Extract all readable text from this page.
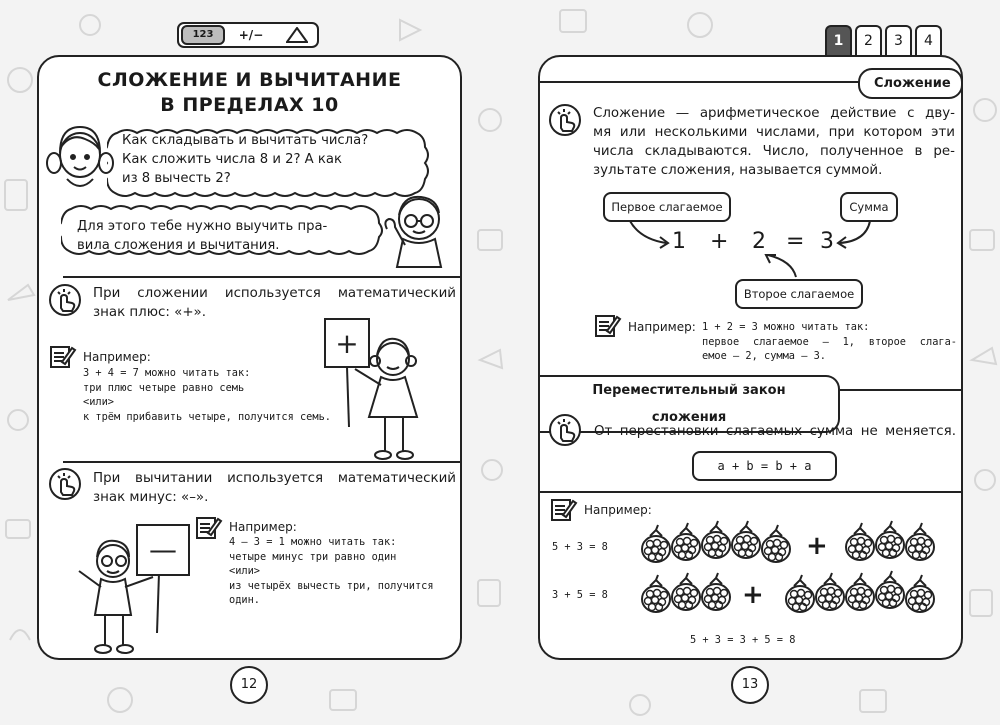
$^{123}$	+/−	1	2	3	4
СЛОЖЕНИЕ И ВЫЧИТАНИЕ
В ПРЕДЕЛАХ 10
Как складывать и вычитать числа?
Как сложить числа 8 и 2? А как
из 8 вычесть 2?
Для этого тебе нужно выучить пра-
вила сложения и вычитания.
При сложении используется математический
знак плюс: «+».
Например:
3 + 4 = 7 можно читать так:
три плюс четыре равно семь
<или>
к трём прибавить четыре, получится семь.
+
При вычитании используется математический
знак минус: «–».
Например:
4 – 3 = 1 можно читать так:
четыре минус три равно один
<или>
из четырёх вычесть три, получится один.
—
12
Сложение
Сложение — арифметическое действие с дву-
мя или несколькими числами, при котором эти
числа складываются. Число, полученное в ре-
зультате сложения, называется суммой.
Первое слагаемое	Сумма
Второе слагаемое
1 + 2 = 3
Например: 1 + 2 = 3 можно читать так:
первое слагаемое — 1, второе слага-
емое — 2, сумма — 3.
Переместительный закон сложения
От перестановки слагаемых сумма не меняется.
a + b = b + a
Например:
5 + 3 = 8
3 + 5 = 8
+
+
5 + 3 = 3 + 5 = 8
13
